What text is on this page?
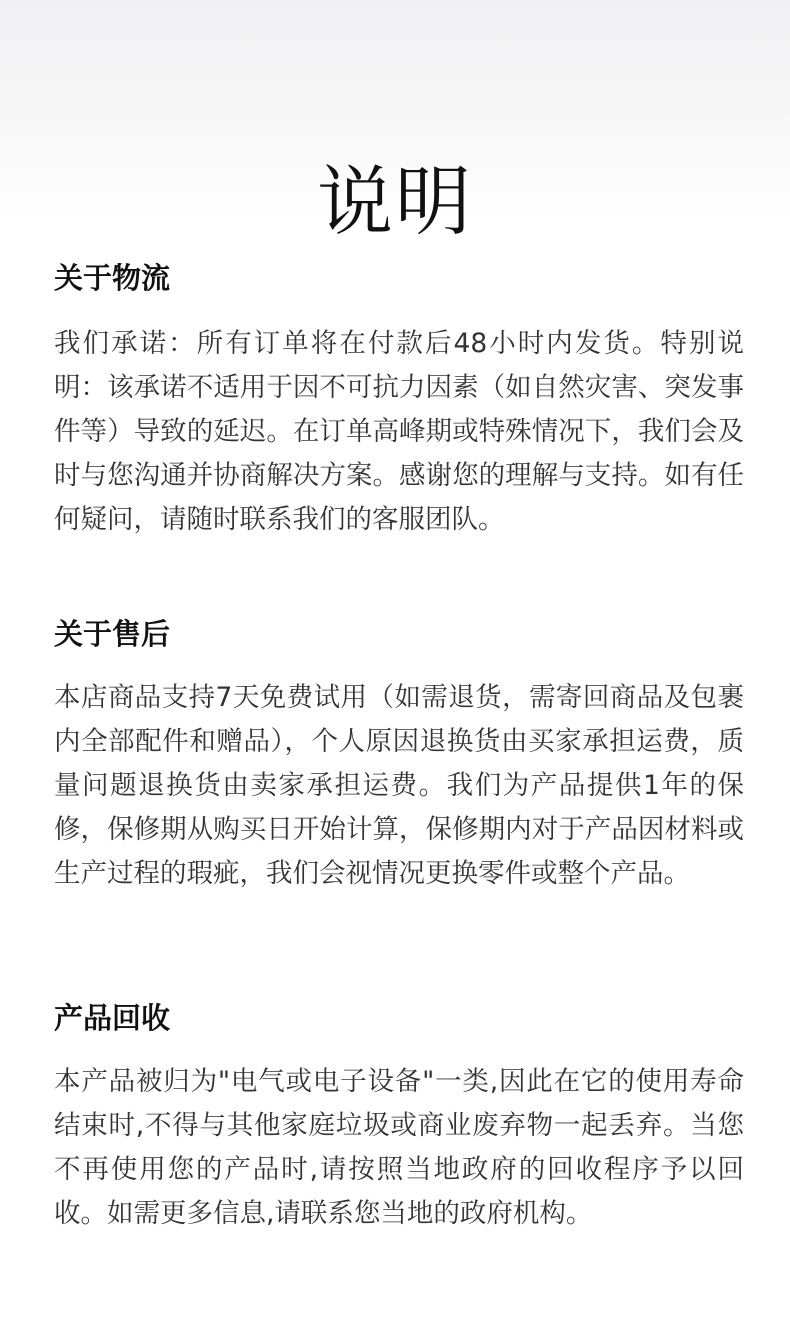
说明
关于物流

我们承诺：所有订单将在付款后48小时内发货。特别说明：该承诺不适用于因不可抗力因素（如自然灾害、突发事件等）导致的延迟。在订单高峰期或特殊情况下，我们会及时与您沟通并协商解决方案。感谢您的理解与支持。如有任何疑问，请随时联系我们的客服团队。

关于售后

本店商品支持7天免费试用（如需退货，需寄回商品及包裹内全部配件和赠品），个人原因退换货由买家承担运费，质量问题退换货由卖家承担运费。我们为产品提供1年的保修，保修期从购买日开始计算，保修期内对于产品因材料或生产过程的瑕疵，我们会视情况更换零件或整个产品。

产品回收

本产品被归为"电气或电子设备"一类,因此在它的使用寿命结束时,不得与其他家庭垃圾或商业废弃物一起丢弃。当您不再使用您的产品时,请按照当地政府的回收程序予以回收。如需更多信息,请联系您当地的政府机构。
